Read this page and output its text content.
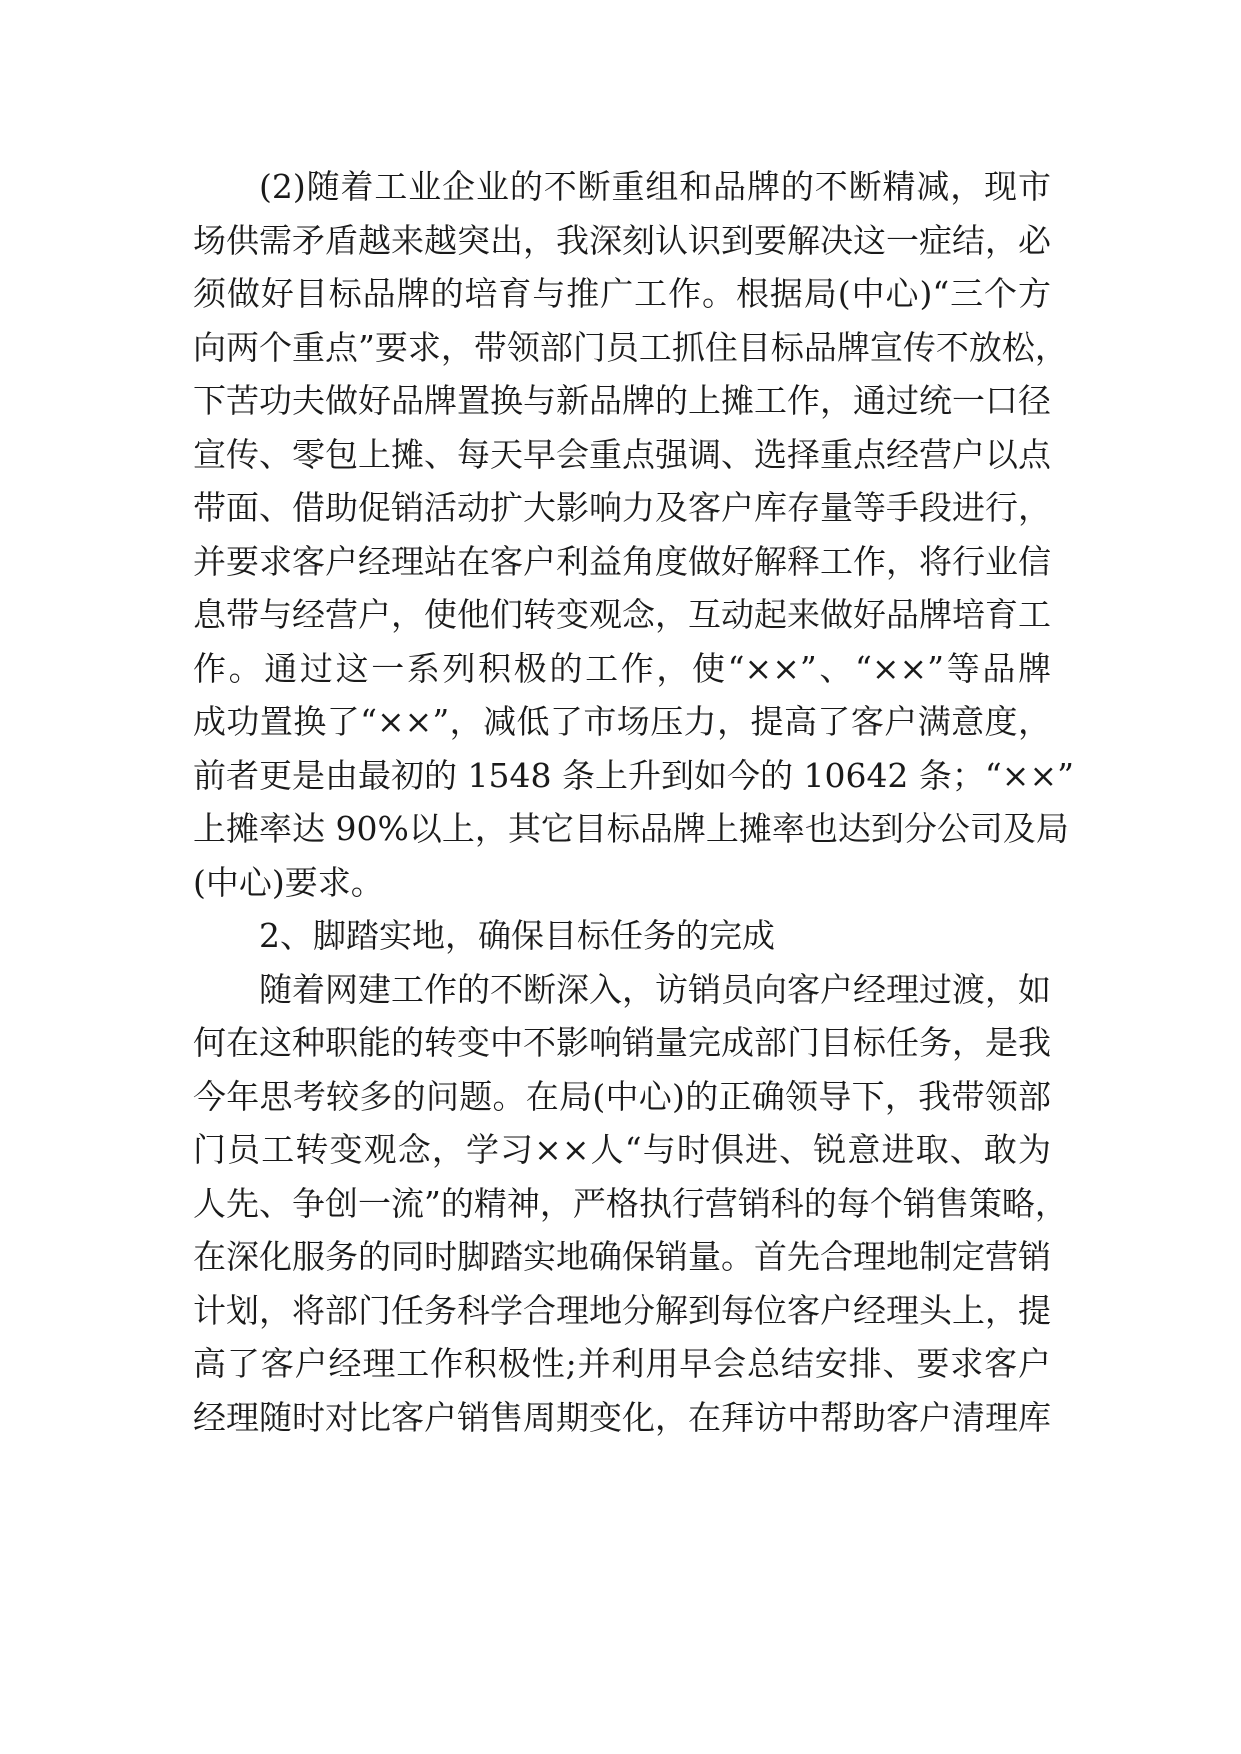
(2)随着工业企业的不断重组和品牌的不断精减，现市
场供需矛盾越来越突出，我深刻认识到要解决这一症结，必
须做好目标品牌的培育与推广工作。根据局(中心)“三个方
向两个重点”要求，带领部门员工抓住目标品牌宣传不放松，
下苦功夫做好品牌置换与新品牌的上摊工作，通过统一口径
宣传、零包上摊、每天早会重点强调、选择重点经营户以点
带面、借助促销活动扩大影响力及客户库存量等手段进行，
并要求客户经理站在客户利益角度做好解释工作，将行业信
息带与经营户，使他们转变观念，互动起来做好品牌培育工
作。通过这一系列积极的工作，使“××”、“××”等品牌
成功置换了“××”，减低了市场压力，提高了客户满意度，
前者更是由最初的 1548 条上升到如今的 10642 条；“××”
上摊率达 90%以上，其它目标品牌上摊率也达到分公司及局
(中心)要求。
2、脚踏实地，确保目标任务的完成
随着网建工作的不断深入，访销员向客户经理过渡，如
何在这种职能的转变中不影响销量完成部门目标任务，是我
今年思考较多的问题。在局(中心)的正确领导下，我带领部
门员工转变观念，学习××人“与时俱进、锐意进取、敢为
人先、争创一流”的精神，严格执行营销科的每个销售策略，
在深化服务的同时脚踏实地确保销量。首先合理地制定营销
计划，将部门任务科学合理地分解到每位客户经理头上，提
高了客户经理工作积极性;并利用早会总结安排、要求客户
经理随时对比客户销售周期变化，在拜访中帮助客户清理库
